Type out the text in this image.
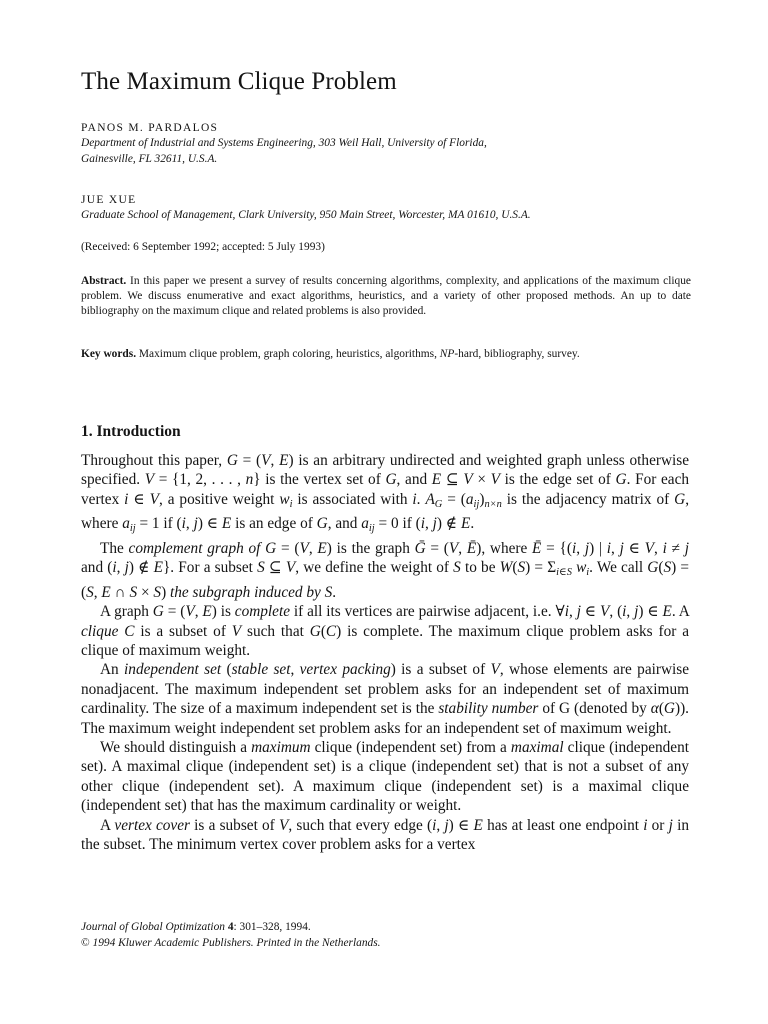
The Maximum Clique Problem
PANOS M. PARDALOS
Department of Industrial and Systems Engineering, 303 Weil Hall, University of Florida,
Gainesville, FL 32611, U.S.A.
JUE XUE
Graduate School of Management, Clark University, 950 Main Street, Worcester, MA 01610, U.S.A.
(Received: 6 September 1992; accepted: 5 July 1993)

Abstract. In this paper we present a survey of results concerning algorithms, complexity, and applications of the maximum clique problem. We discuss enumerative and exact algorithms, heuristics, and a variety of other proposed methods. An up to date bibliography on the maximum clique and related problems is also provided.

Key words. Maximum clique problem, graph coloring, heuristics, algorithms, NP-hard, bibliography, survey.

1. Introduction

Throughout this paper, G = (V, E) is an arbitrary undirected and weighted graph unless otherwise specified. V = {1, 2, . . . , n} is the vertex set of G, and E ⊆ V × V is the edge set of G. For each vertex i ∈ V, a positive weight $w_i$ is associated with i. $A_G = (a_{ij})_{n\times n}$ is the adjacency matrix of G, where $a_{ij} = 1$ if (i, j) ∈ E is an edge of G, and $a_{ij} = 0$ if (i, j) ∉ E.

The complement graph of G = (V, E) is the graph Ḡ = (V, Ē), where Ē = {(i, j) | i, j ∈ V, i ≠ j and (i, j) ∉ E}. For a subset S ⊆ V, we define the weight of S to be $W(S) = \Sigma_{i\in S}$ $w_i$. We call G(S) = (S, E ∩ S × S) the subgraph induced by S.

A graph G = (V, E) is complete if all its vertices are pairwise adjacent, i.e. ∀i, j ∈ V, (i, j) ∈ E. A clique C is a subset of V such that G(C) is complete. The maximum clique problem asks for a clique of maximum weight.

An independent set (stable set, vertex packing) is a subset of V, whose elements are pairwise nonadjacent. The maximum independent set problem asks for an independent set of maximum cardinality. The size of a maximum independent set is the stability number of G (denoted by α(G)). The maximum weight independent set problem asks for an independent set of maximum weight.

We should distinguish a maximum clique (independent set) from a maximal clique (independent set). A maximal clique (independent set) is a clique (independent set) that is not a subset of any other clique (independent set). A maximum clique (independent set) is a maximal clique (independent set) that has the maximum cardinality or weight.

A vertex cover is a subset of V, such that every edge (i, j) ∈ E has at least one endpoint i or j in the subset. The minimum vertex cover problem asks for a vertex

Journal of Global Optimization 4: 301–328, 1994.
© 1994 Kluwer Academic Publishers. Printed in the Netherlands.
